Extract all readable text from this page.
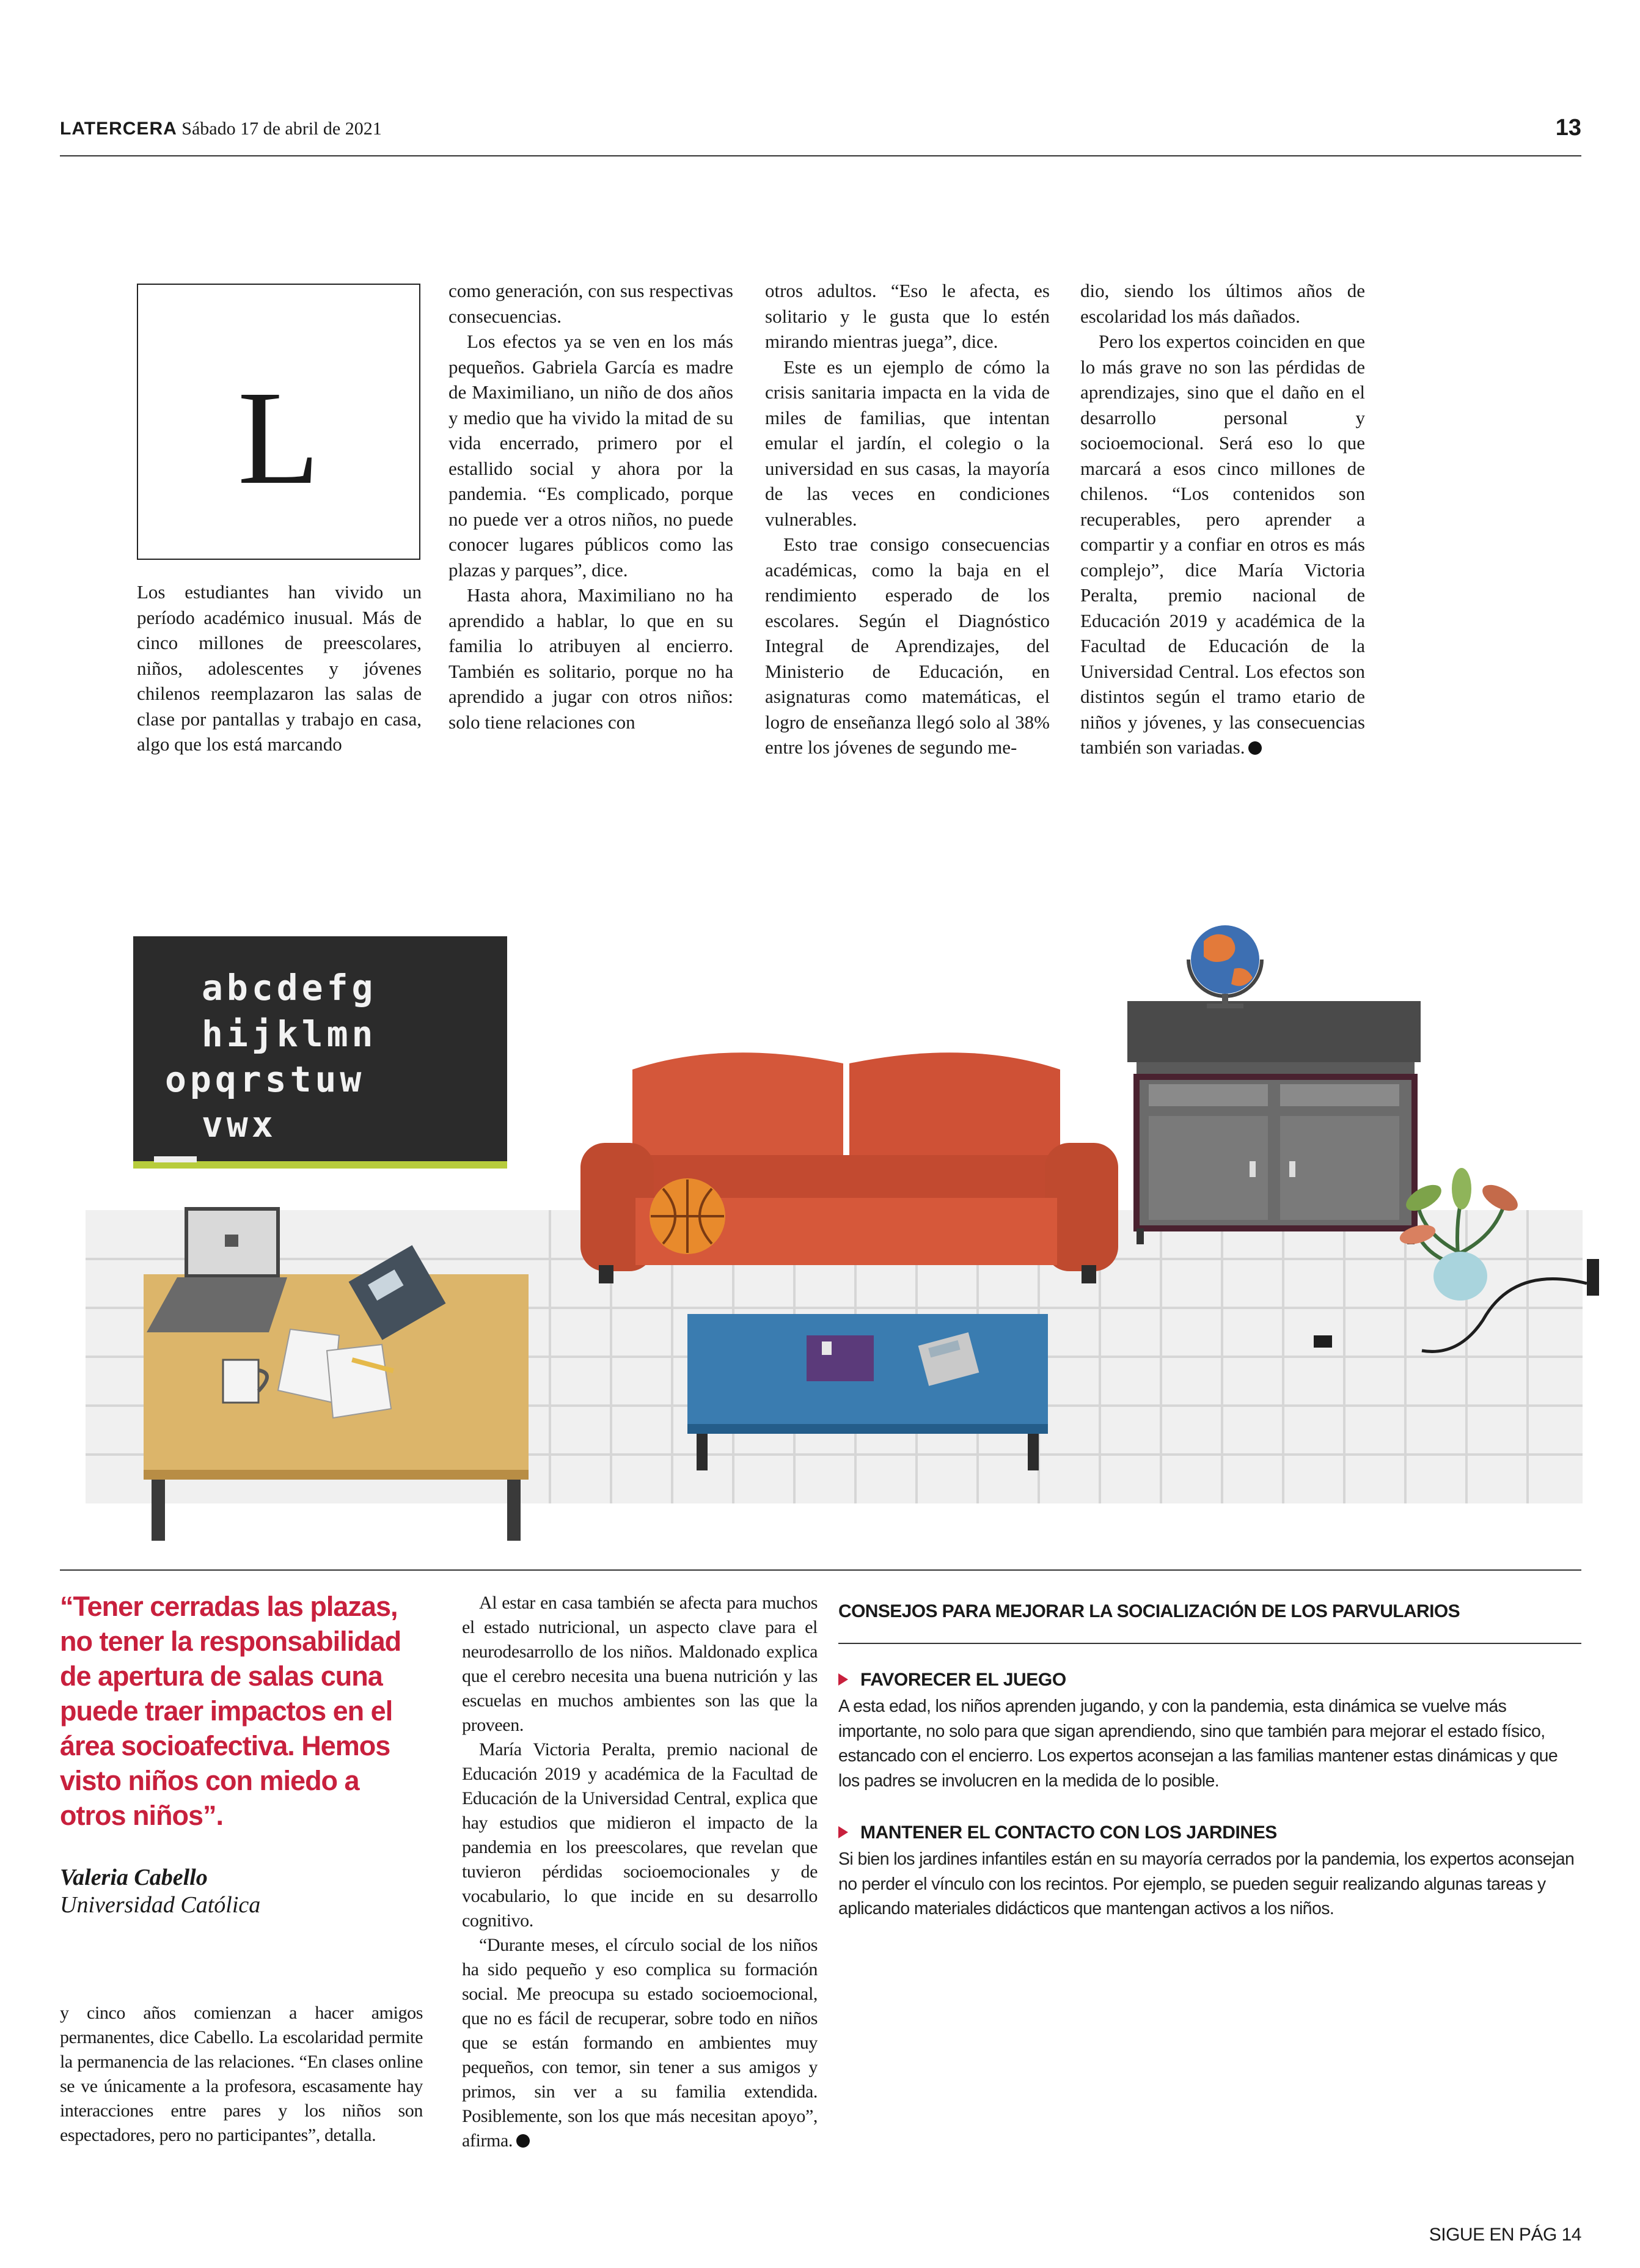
LATERCERA Sábado 17 de abril de 2021	13
L

Los estudiantes han vivido un período académico inusual. Más de cinco millones de preescolares, niños, adolescentes y jóvenes chilenos reemplazaron las salas de clase por pantallas y trabajo en casa, algo que los está marcando

como generación, con sus respectivas consecuencias.

Los efectos ya se ven en los más pequeños. Gabriela García es madre de Maximiliano, un niño de dos años y medio que ha vivido la mitad de su vida encerrado, primero por el estallido social y ahora por la pandemia. “Es complicado, porque no puede ver a otros niños, no puede conocer lugares públicos como las plazas y parques”, dice.

Hasta ahora, Maximiliano no ha aprendido a hablar, lo que en su familia lo atribuyen al encierro. También es solitario, porque no ha aprendido a jugar con otros niños: solo tiene relaciones con

otros adultos. “Eso le afecta, es solitario y le gusta que lo estén mirando mientras juega”, dice.

Este es un ejemplo de cómo la crisis sanitaria impacta en la vida de miles de familias, que intentan emular el jardín, el colegio o la universidad en sus casas, la mayoría de las veces en condiciones vulnerables.

Esto trae consigo consecuencias académicas, como la baja en el rendimiento esperado de los escolares. Según el Diagnóstico Integral de Aprendizajes, del Ministerio de Educación, en asignaturas como matemáticas, el logro de enseñanza llegó solo al 38% entre los jóvenes de segundo me-

dio, siendo los últimos años de escolaridad los más dañados.

Pero los expertos coinciden en que lo más grave no son las pérdidas de aprendizajes, sino que el daño en el desarrollo personal y socioemocional. Será eso lo que marcará a esos cinco millones de chilenos. “Los contenidos son recuperables, pero aprender a compartir y a confiar en otros es más complejo”, dice María Victoria Peralta, premio nacional de Educación 2019 y académica de la Facultad de Educación de la Universidad Central. Los efectos son distintos según el tramo etario de niños y jóvenes, y las consecuencias también son variadas.

abcdefg
hijklmn
opqrstuw
vwx
“Tener cerradas las plazas, no tener la responsabilidad de apertura de salas cuna puede traer impactos en el área socioafectiva. Hemos visto niños con miedo a otros niños”.
Valeria Cabello
Universidad Católica

y cinco años comienzan a hacer amigos permanentes, dice Cabello. La escolaridad permite la permanencia de las relaciones. “En clases online se ve únicamente a la profesora, escasamente hay interacciones entre pares y los niños son espectadores, pero no participantes”, detalla.

Al estar en casa también se afecta para muchos el estado nutricional, un aspecto clave para el neurodesarrollo de los niños. Maldonado explica que el cerebro necesita una buena nutrición y las escuelas en muchos ambientes son las que la proveen.

María Victoria Peralta, premio nacional de Educación 2019 y académica de la Facultad de Educación de la Universidad Central, explica que hay estudios que midieron el impacto de la pandemia en los preescolares, que revelan que tuvieron pérdidas socioemocionales y de vocabulario, lo que incide en su desarrollo cognitivo.

“Durante meses, el círculo social de los niños ha sido pequeño y eso complica su formación social. Me preocupa su estado socioemocional, que no es fácil de recuperar, sobre todo en niños que se están formando en ambientes muy pequeños, con temor, sin tener a sus amigos y primos, sin ver a su familia extendida. Posiblemente, son los que más necesitan apoyo”, afirma.

CONSEJOS PARA MEJORAR LA SOCIALIZACIÓN DE LOS PARVULARIOS
FAVORECER EL JUEGO
A esta edad, los niños aprenden jugando, y con la pandemia, esta dinámica se vuelve más importante, no solo para que sigan aprendiendo, sino que también para mejorar el estado físico, estancado con el encierro. Los expertos aconsejan a las familias mantener estas dinámicas y que los padres se involucren en la medida de lo posible.
MANTENER EL CONTACTO CON LOS JARDINES
Si bien los jardines infantiles están en su mayoría cerrados por la pandemia, los expertos aconsejan no perder el vínculo con los recintos. Por ejemplo, se pueden seguir realizando algunas tareas y aplicando materiales didácticos que mantengan activos a los niños.
SIGUE EN PÁG 14
